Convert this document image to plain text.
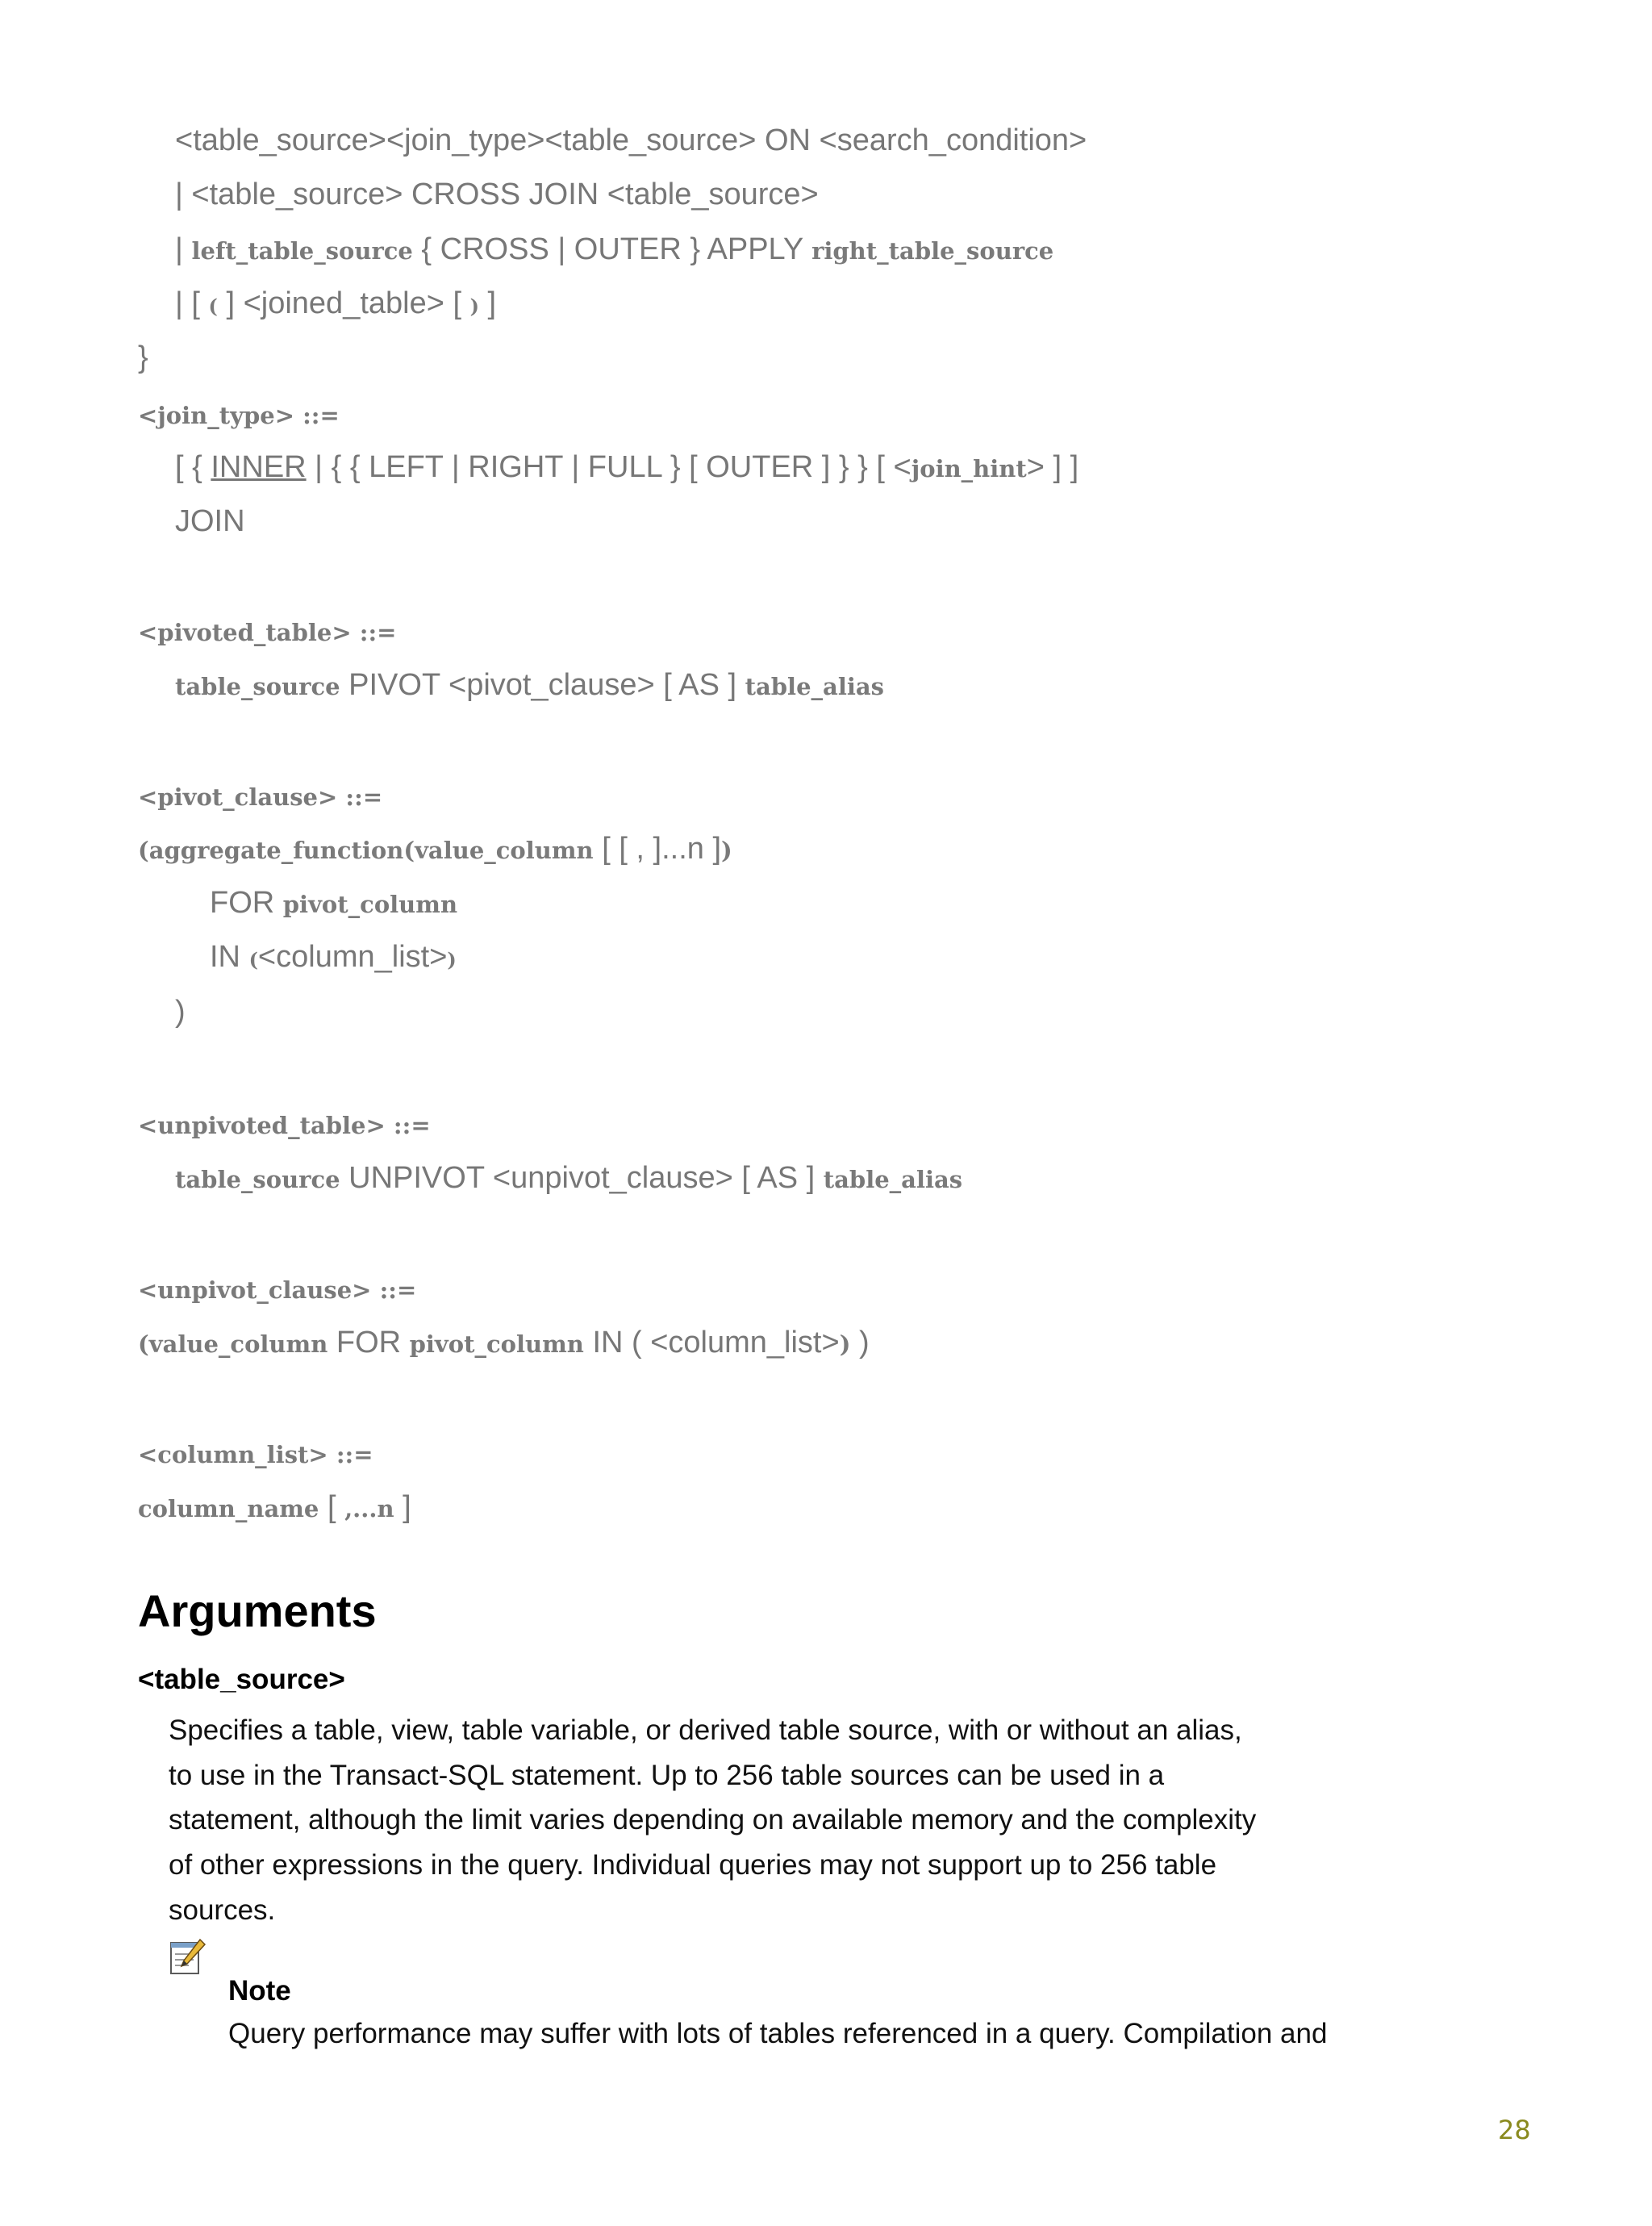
<table_source><join_type><table_source> ON <search_condition>
| <table_source> CROSS JOIN <table_source>
| left_table_source { CROSS | OUTER } APPLY right_table_source
| [ ( ] <joined_table> [ ) ]
}
<join_type> ::=
[ { INNER | { { LEFT | RIGHT | FULL } [ OUTER ] } } [ <join_hint> ] ]
JOIN
<pivoted_table> ::=
table_source PIVOT <pivot_clause> [ AS ] table_alias
<pivot_clause> ::=
(aggregate_function(value_column [ [ , ]...n ])
FOR pivot_column
IN (<column_list>)
)
<unpivoted_table> ::=
table_source UNPIVOT <unpivot_clause> [ AS ] table_alias
<unpivot_clause> ::=
(value_column FOR pivot_column IN ( <column_list>) )
<column_list> ::=
column_name [ ,...n ]
Arguments
<table_source>
Specifies a table, view, table variable, or derived table source, with or without an alias,
to use in the Transact-SQL statement. Up to 256 table sources can be used in a
statement, although the limit varies depending on available memory and the complexity
of other expressions in the query. Individual queries may not support up to 256 table
sources.
Note
Query performance may suffer with lots of tables referenced in a query. Compilation and
28
